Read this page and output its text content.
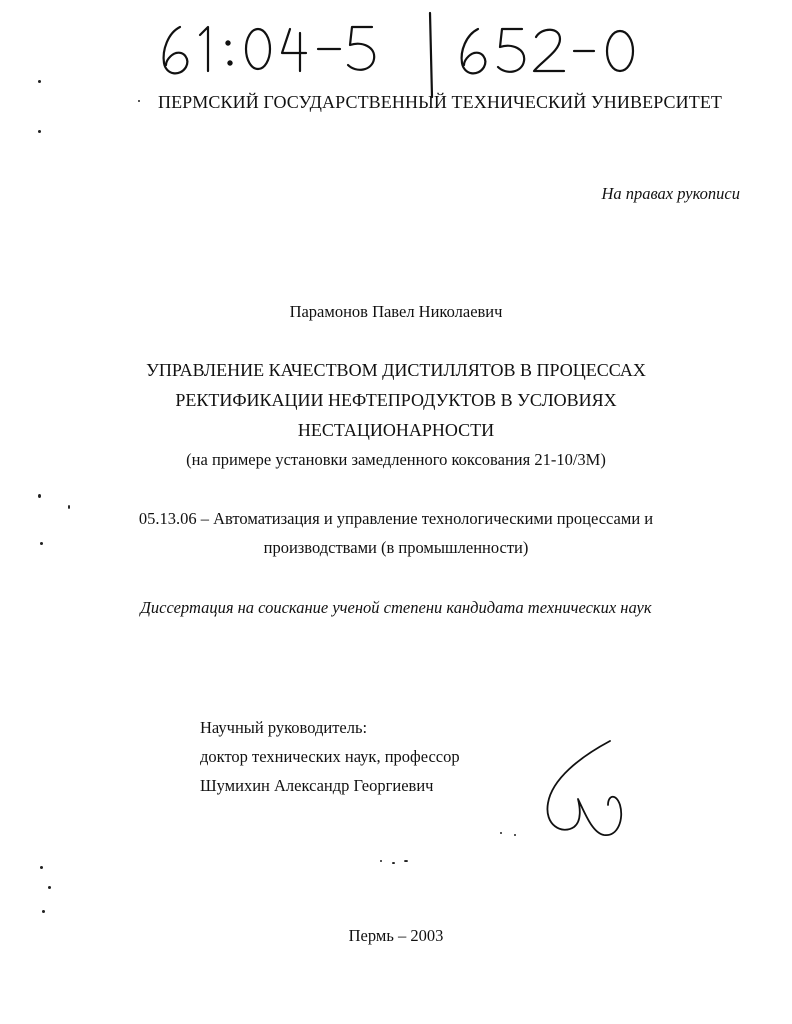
ПЕРМСКИЙ ГОСУДАРСТВЕННЫЙ ТЕХНИЧЕСКИЙ УНИВЕРСИТЕТ
На правах рукописи
Парамонов Павел Николаевич
УПРАВЛЕНИЕ КАЧЕСТВОМ ДИСТИЛЛЯТОВ В ПРОЦЕССАХ
РЕКТИФИКАЦИИ НЕФТЕПРОДУКТОВ В УСЛОВИЯХ
НЕСТАЦИОНАРНОСТИ
(на примере установки замедленного коксования 21-10/3М)
05.13.06 – Автоматизация и управление технологическими процессами и
производствами (в промышленности)
Диссертация на соискание ученой степени кандидата технических наук
Научный руководитель:
доктор технических наук, профессор
Шумихин Александр Георгиевич
Пермь – 2003
